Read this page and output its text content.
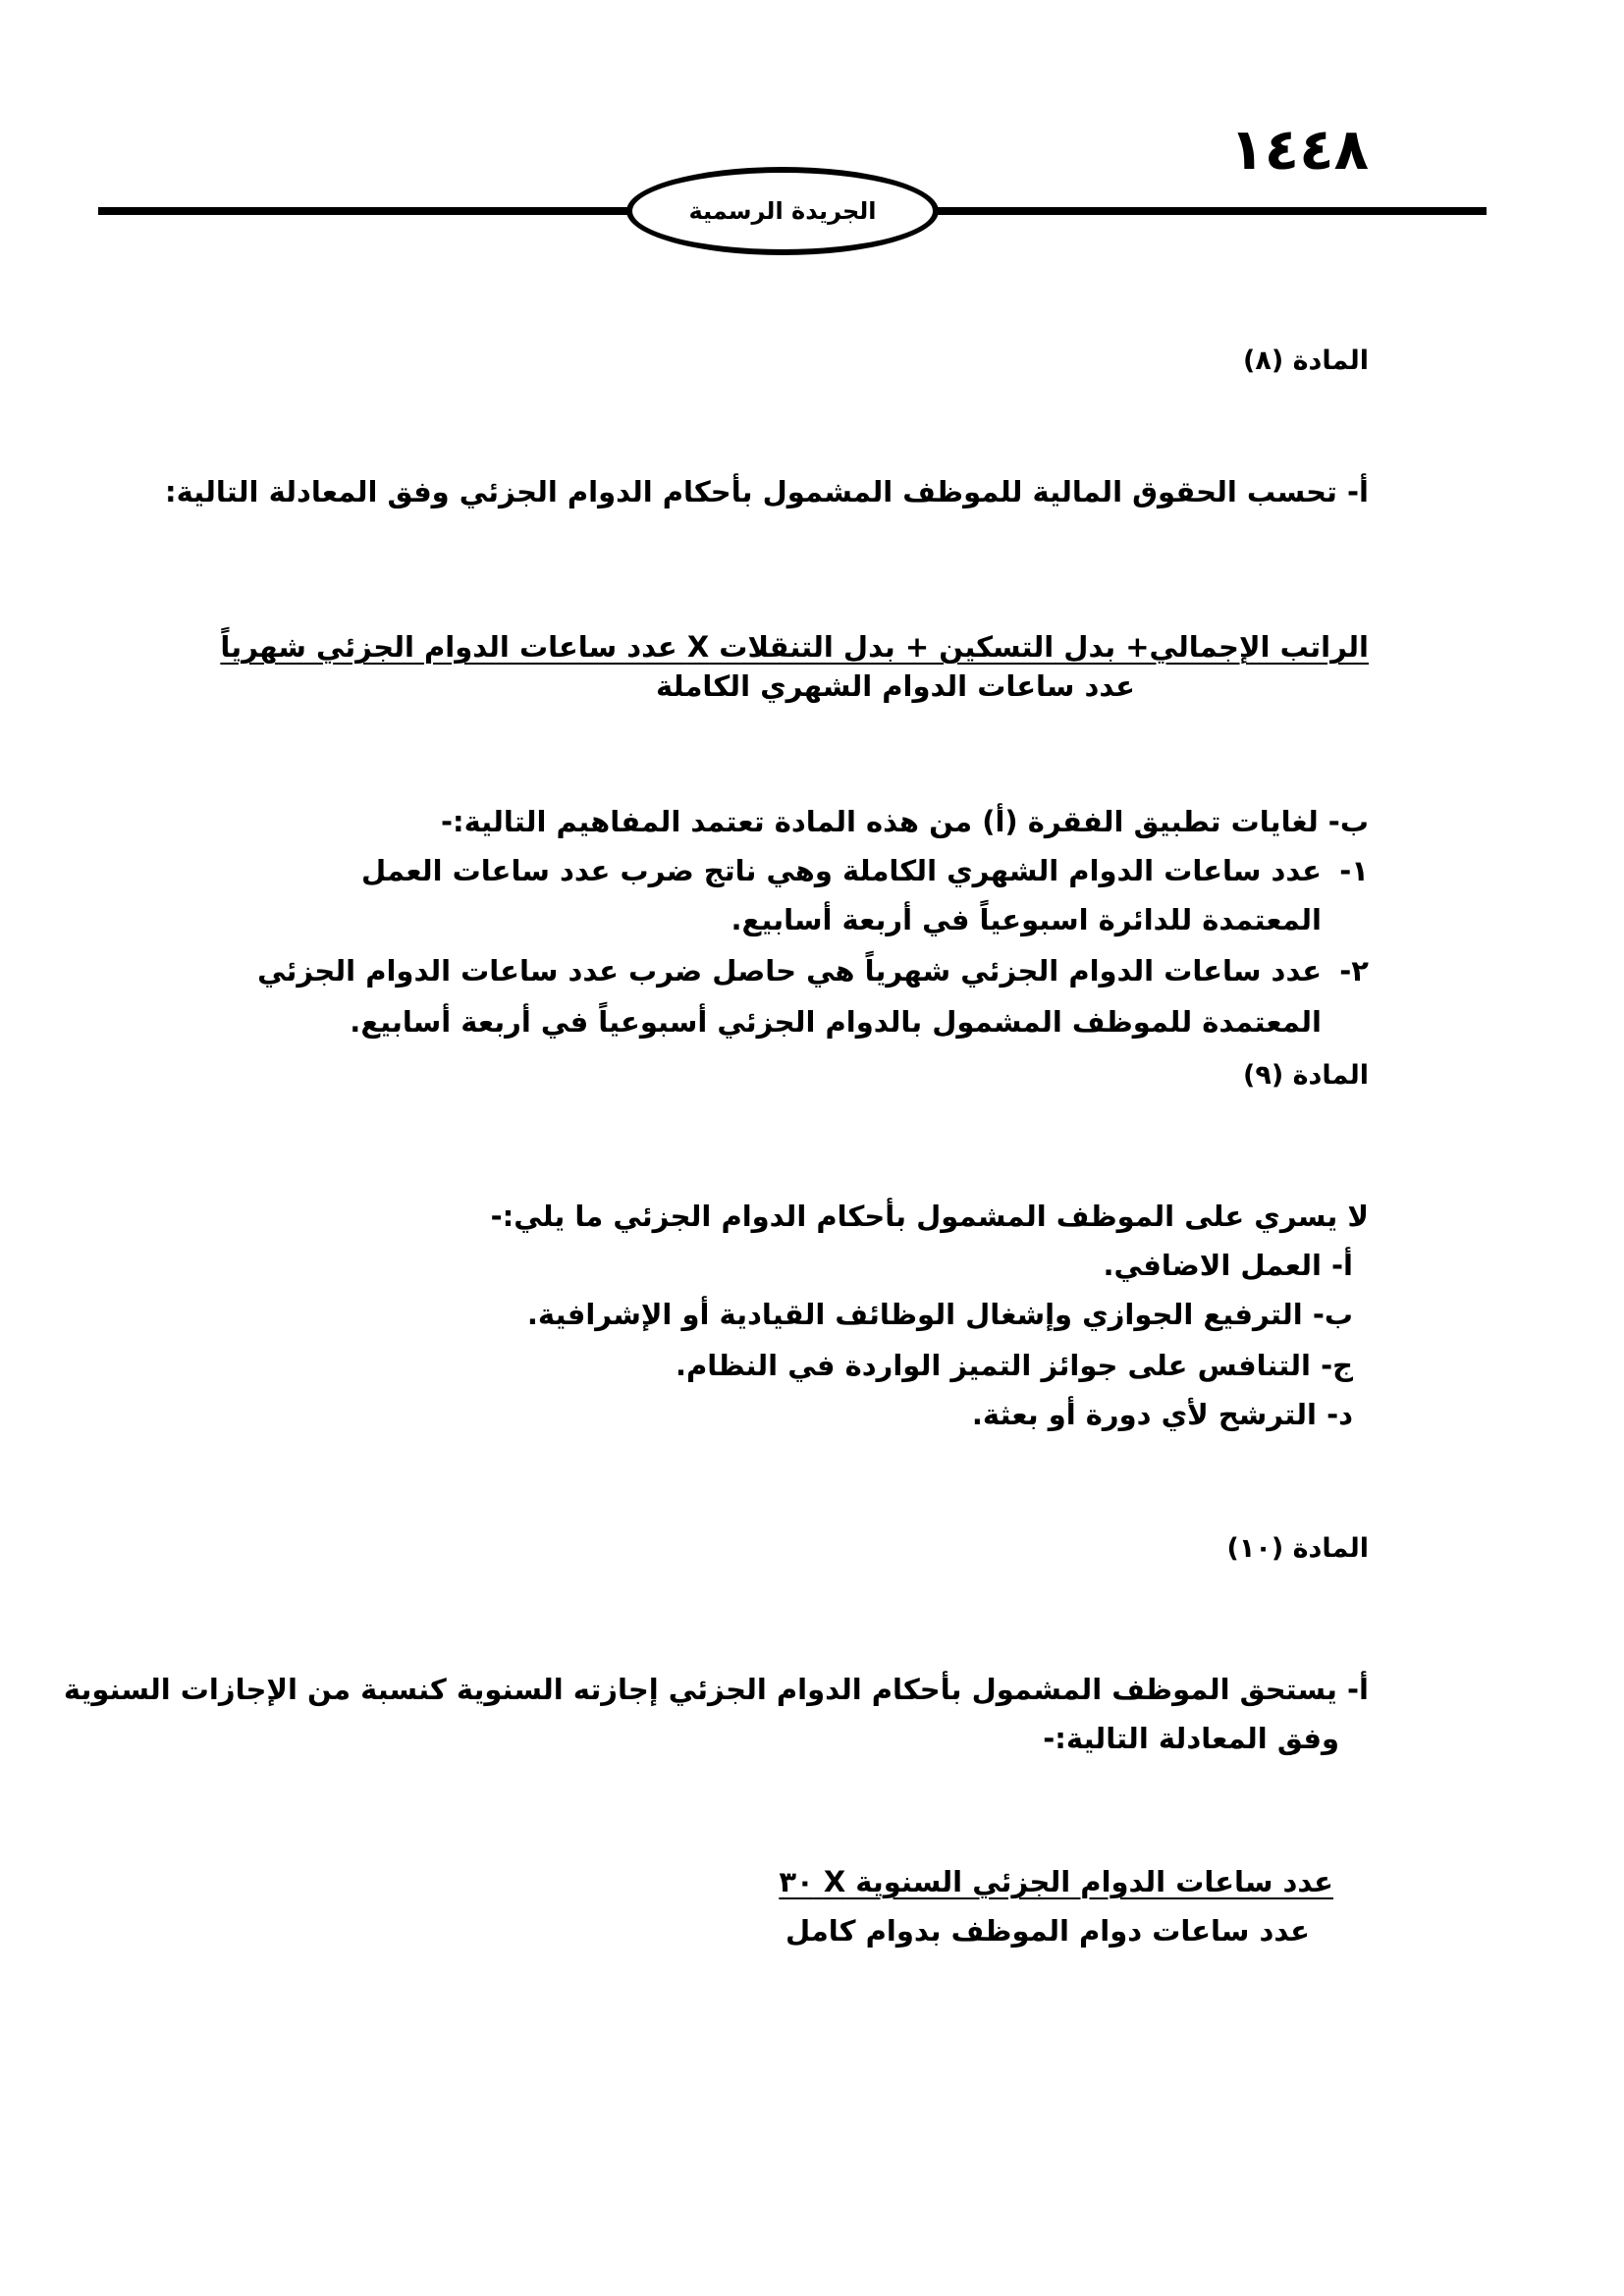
١٤٤٨
الجريدة الرسمية
المادة (٨)
أ- تحسب الحقوق المالية للموظف المشمول بأحكام الدوام الجزئي وفق المعادلة التالية:
الراتب الإجمالي+ بدل التسكين + بدل التنقلات X عدد ساعات الدوام الجزئي شهرياً
عدد ساعات الدوام الشهري الكاملة
ب- لغايات تطبيق الفقرة (أ) من هذه المادة تعتمد المفاهيم التالية:-
١-
عدد ساعات الدوام الشهري الكاملة وهي ناتج ضرب عدد ساعات العمل
المعتمدة للدائرة اسبوعياً في أربعة أسابيع.
٢-
عدد ساعات الدوام الجزئي شهرياً هي حاصل ضرب عدد ساعات الدوام الجزئي
المعتمدة للموظف المشمول بالدوام الجزئي أسبوعياً في أربعة أسابيع.
المادة (٩)
لا يسري على الموظف المشمول بأحكام الدوام الجزئي ما يلي:-
أ- العمل الاضافي.
ب- الترفيع الجوازي وإشغال الوظائف القيادية أو الإشرافية.
ج- التنافس على جوائز التميز الواردة في النظام.
د- الترشح لأي دورة أو بعثة.
المادة (١٠)
أ- يستحق الموظف المشمول بأحكام الدوام الجزئي إجازته السنوية كنسبة من الإجازات السنوية
وفق المعادلة التالية:-
عدد ساعات الدوام الجزئي السنوية X ٣٠
عدد ساعات دوام الموظف بدوام كامل
